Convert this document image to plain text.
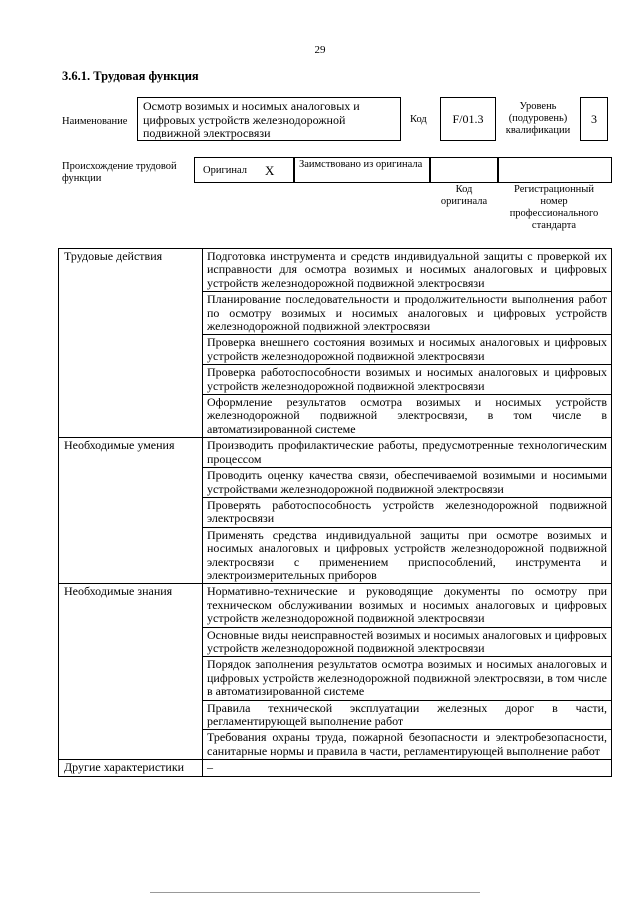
29
3.6.1. Трудовая функция
Наименование
Осмотр возимых и носимых аналоговых и цифровых устройств железнодорожной подвижной электросвязи
Код	F/01.3
Уровень (подуровень) квалификации
3
Происхождение трудовой функции
Оригинал X Заимствовано из оригинала
Код оригинала
Регистрационный номер профессионального стандарта
Трудовые действия	Подготовка инструмента и средств индивидуальной защиты с проверкой их исправности для осмотра возимых и носимых аналоговых и цифровых устройств железнодорожной подвижной электросвязи
	Планирование последовательности и продолжительности выполнения работ по осмотру возимых и носимых аналоговых и цифровых устройств железнодорожной подвижной электросвязи
	Проверка внешнего состояния возимых и носимых аналоговых и цифровых устройств железнодорожной подвижной электросвязи
	Проверка работоспособности возимых и носимых аналоговых и цифровых устройств железнодорожной подвижной электросвязи
	Оформление результатов осмотра возимых и носимых устройств железнодорожной подвижной электросвязи, в том числе в автоматизированной системе
Необходимые умения	Производить профилактические работы, предусмотренные технологическим процессом
	Проводить оценку качества связи, обеспечиваемой возимыми и носимыми устройствами железнодорожной подвижной электросвязи
	Проверять работоспособность устройств железнодорожной подвижной электросвязи
	Применять средства индивидуальной защиты при осмотре возимых и носимых аналоговых и цифровых устройств железнодорожной подвижной электросвязи с применением приспособлений, инструмента и электроизмерительных приборов
Необходимые знания	Нормативно-технические и руководящие документы по осмотру при техническом обслуживании возимых и носимых аналоговых и цифровых устройств железнодорожной подвижной электросвязи
	Основные виды неисправностей возимых и носимых аналоговых и цифровых устройств железнодорожной подвижной электросвязи
	Порядок заполнения результатов осмотра возимых и носимых аналоговых и цифровых устройств железнодорожной подвижной электросвязи, в том числе в автоматизированной системе
	Правила технической эксплуатации железных дорог в части, регламентирующей выполнение работ
	Требования охраны труда, пожарной безопасности и электробезопасности, санитарные нормы и правила в части, регламентирующей выполнение работ
Другие характеристики	–
